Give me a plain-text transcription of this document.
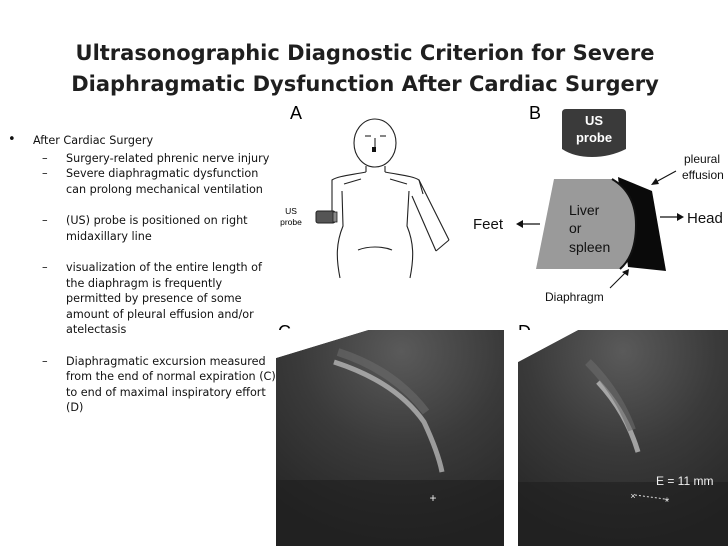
Ultrasonographic Diagnostic Criterion for Severe
Diaphragmatic Dysfunction After Cardiac Surgery
• After Cardiac Surgery
– Surgery-related phrenic nerve injury
– Severe diaphragmatic dysfunction can prolong mechanical ventilation
– (US) probe is positioned on right midaxillary line
– visualization of the entire length of the diaphragm is frequently permitted by presence of some amount of pleural effusion and/or atelectasis
– Diaphragmatic excursion measured from the end of normal expiration (C) to end of maximal inspiratory effort (D)
A
US
probe
B	US
probe
Liver
or
spleen
Feet	Head
pleural
effusion
Diaphragm
+
E = 11 mm
× *
